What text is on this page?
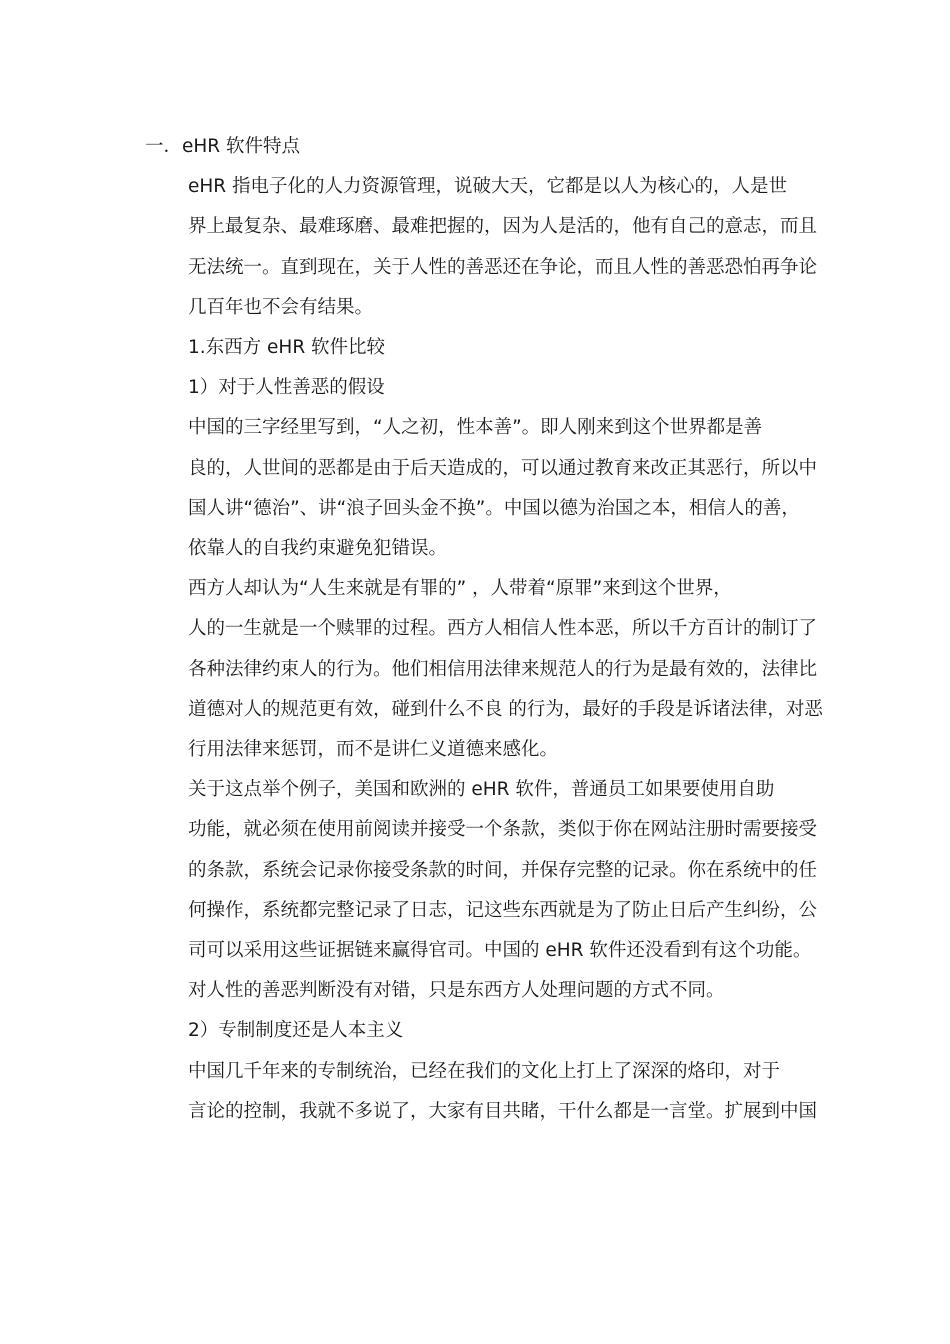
一．eHR 软件特点

eHR 指电子化的人力资源管理，说破大天，它都是以人为核心的，人是世
界上最复杂、最难琢磨、最难把握的，因为人是活的，他有自己的意志，而且
无法统一。直到现在，关于人性的善恶还在争论，而且人性的善恶恐怕再争论
几百年也不会有结果。

1.东西方 eHR 软件比较

1）对于人性善恶的假设

中国的三字经里写到，“人之初，性本善”。即人刚来到这个世界都是善
良的，人世间的恶都是由于后天造成的，可以通过教育来改正其恶行，所以中
国人讲“德治”、讲“浪子回头金不换”。中国以德为治国之本，相信人的善，
依靠人的自我约束避免犯错误。

西方人却认为“人生来就是有罪的” ，人带着“原罪”来到这个世界，
人的一生就是一个赎罪的过程。西方人相信人性本恶，所以千方百计的制订了
各种法律约束人的行为。他们相信用法律来规范人的行为是最有效的，法律比
道德对人的规范更有效，碰到什么不良 的行为，最好的手段是诉诸法律，对恶
行用法律来惩罚，而不是讲仁义道德来感化。

关于这点举个例子，美国和欧洲的 eHR 软件，普通员工如果要使用自助
功能，就必须在使用前阅读并接受一个条款，类似于你在网站注册时需要接受
的条款，系统会记录你接受条款的时间，并保存完整的记录。你在系统中的任
何操作，系统都完整记录了日志，记这些东西就是为了防止日后产生纠纷，公
司可以采用这些证据链来赢得官司。中国的 eHR 软件还没看到有这个功能。

对人性的善恶判断没有对错，只是东西方人处理问题的方式不同。

2）专制制度还是人本主义

中国几千年来的专制统治，已经在我们的文化上打上了深深的烙印，对于
言论的控制，我就不多说了，大家有目共睹，干什么都是一言堂。扩展到中国
